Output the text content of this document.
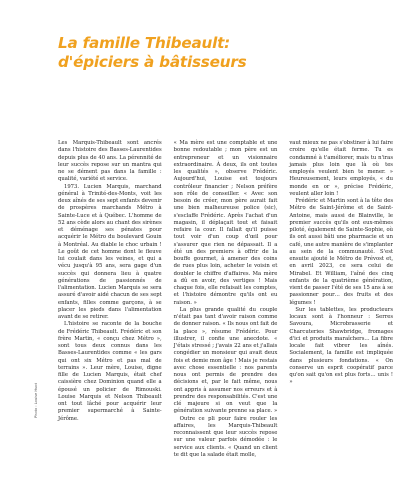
La famille Thibeault:
d'épiciers à bâtisseurs

Les Marquis-Thibeault sont ancrés dans l'histoire des Basses-Laurentides depuis plus de 40 ans. La pérennité de leur succès repose sur un mantra qui ne se dément pas dans la famille : qualité, variété et service.

1973. Lucien Marquis, marchand général à Trinité-des-Monts, voit les deux aînés de ses sept enfants devenir de prospères marchands Métro à Sainte-Luce et à Québec. L'homme de 52 ans cède alors au chant des sirènes et déménage ses pénates pour acquérir le Métro du boulevard Gouin à Montréal. Au diable le choc urbain ! Le goût de cet homme dont le fleuve lui coulait dans les veines, et qui a vécu jusqu'à 95 ans, sera gage d'un succès qui donnera lieu à quatre générations de passionnés de l'alimentation. Lucien Marquis se sera assuré d'avoir aidé chacun de ses sept enfants, filles comme garçons, à se placer les pieds dans l'alimentation avant de se retirer.

L'histoire se raconte de la bouche de Frédéric Thibeault. Frédéric et son frère Martin, « conçu chez Métro », sont tous deux connus dans les Basses-Laurentides comme « les gars qui ont six Métro et pas mal de terrains ». Leur mère, Louise, digne fille de Lucien Marquis, était chef caissière chez Dominion quand elle a épousé un policier de Rimouski. Louise Marquis et Nelson Thibeault ont tout lâché pour acquérir leur premier supermarché à Sainte-Jérôme.

« Ma mère est une comptable et une bonne redoutable ; mon père est un entrepreneur et un visionnaire extraordinaire. À deux, ils ont toutes les qualités », observe Frédéric. Aujourd'hui, Louise est toujours contrôleur financier ; Nelson préfère son rôle de conseiller. « Avec son besoin de créer, mon père aurait fait une bien malheureuse police (sic), s'esclaffe Frédéric. Après l'achat d'un magasin, il déplaçait tout et faisait refaire la cour. Il fallait qu'il puisse tout voir d'un coup d'œil pour s'assurer que rien ne dépassait. Il a été un des premiers à offrir de la bouffe gourmet, à amener des coins de rues plus loin, acheter le voisin et doubler le chiffre d'affaires. Ma mère a dû en avoir, des vertiges ! Mais chaque fois, elle refaisait les comptes, et l'histoire démontre qu'ils ont eu raison. »

La plus grande qualité du couple n'était pas tant d'avoir raison comme de donner raison. « Ils nous ont fait de la place », résume Frédéric. Pour illustrer, il confie une anecdote. « J'étais stressé ; j'avais 22 ans et j'allais congédier un monsieur qui avait deux fois et demie mon âge ! Mais je restais avec chose essentielle : nos parents nous ont permis de prendre des décisions et, par le fait même, nous ont appris à assumer nos erreurs et à prendre des responsabilités. C'est une clé majeure si on veut que la génération suivante prenne sa place. »

Outre ce pli pour faire rouler les affaires, les Marquis-Thibeault reconnaissent que leur succès repose sur une valeur parfois démodée : le service aux clients. « Quand un client te dit que la salade était molle,

vaut mieux ne pas s'obstiner à lui faire croire qu'elle était ferme. Tu es condamné à t'améliorer, mais tu n'iras jamais plus loin que là où tes employés veulent bien te mener. » Heureusement, leurs employés, « du monde en or », précise Frédéric, veulent aller loin !

Frédéric et Martin sont à la tête des Métro de Saint-Jérôme et de Saint-Antoine, mais aussi de Blainville, le premier succès qu'ils ont eux-mêmes piloté, également de Sainte-Sophie, où ils ont aussi bâti une pharmacie et un café, une autre manière de s'implanter au sein de la communauté. S'est ensuite ajouté le Métro de Prévost et, en avril 2023, ce sera celui de Mirabel. Et William, l'aîné des cinq enfants de la quatrième génération, vient de passer l'été de ses 15 ans à se passionner pour… des fruits et des légumes !

Sur les tablettes, les producteurs locaux sont à l'honneur : Serres Savoura, Microbrasserie et Charcuteries Shawbridge, fromages d'ici et produits maraîchers… La fibre locale fait vibrer les aînés. Socialement, la famille est impliquée dans plusieurs fondations. « On conserve un esprit coopératif parce qu'on sait qu'on est plus forts… unis ! »

Photo : Louise Huot
